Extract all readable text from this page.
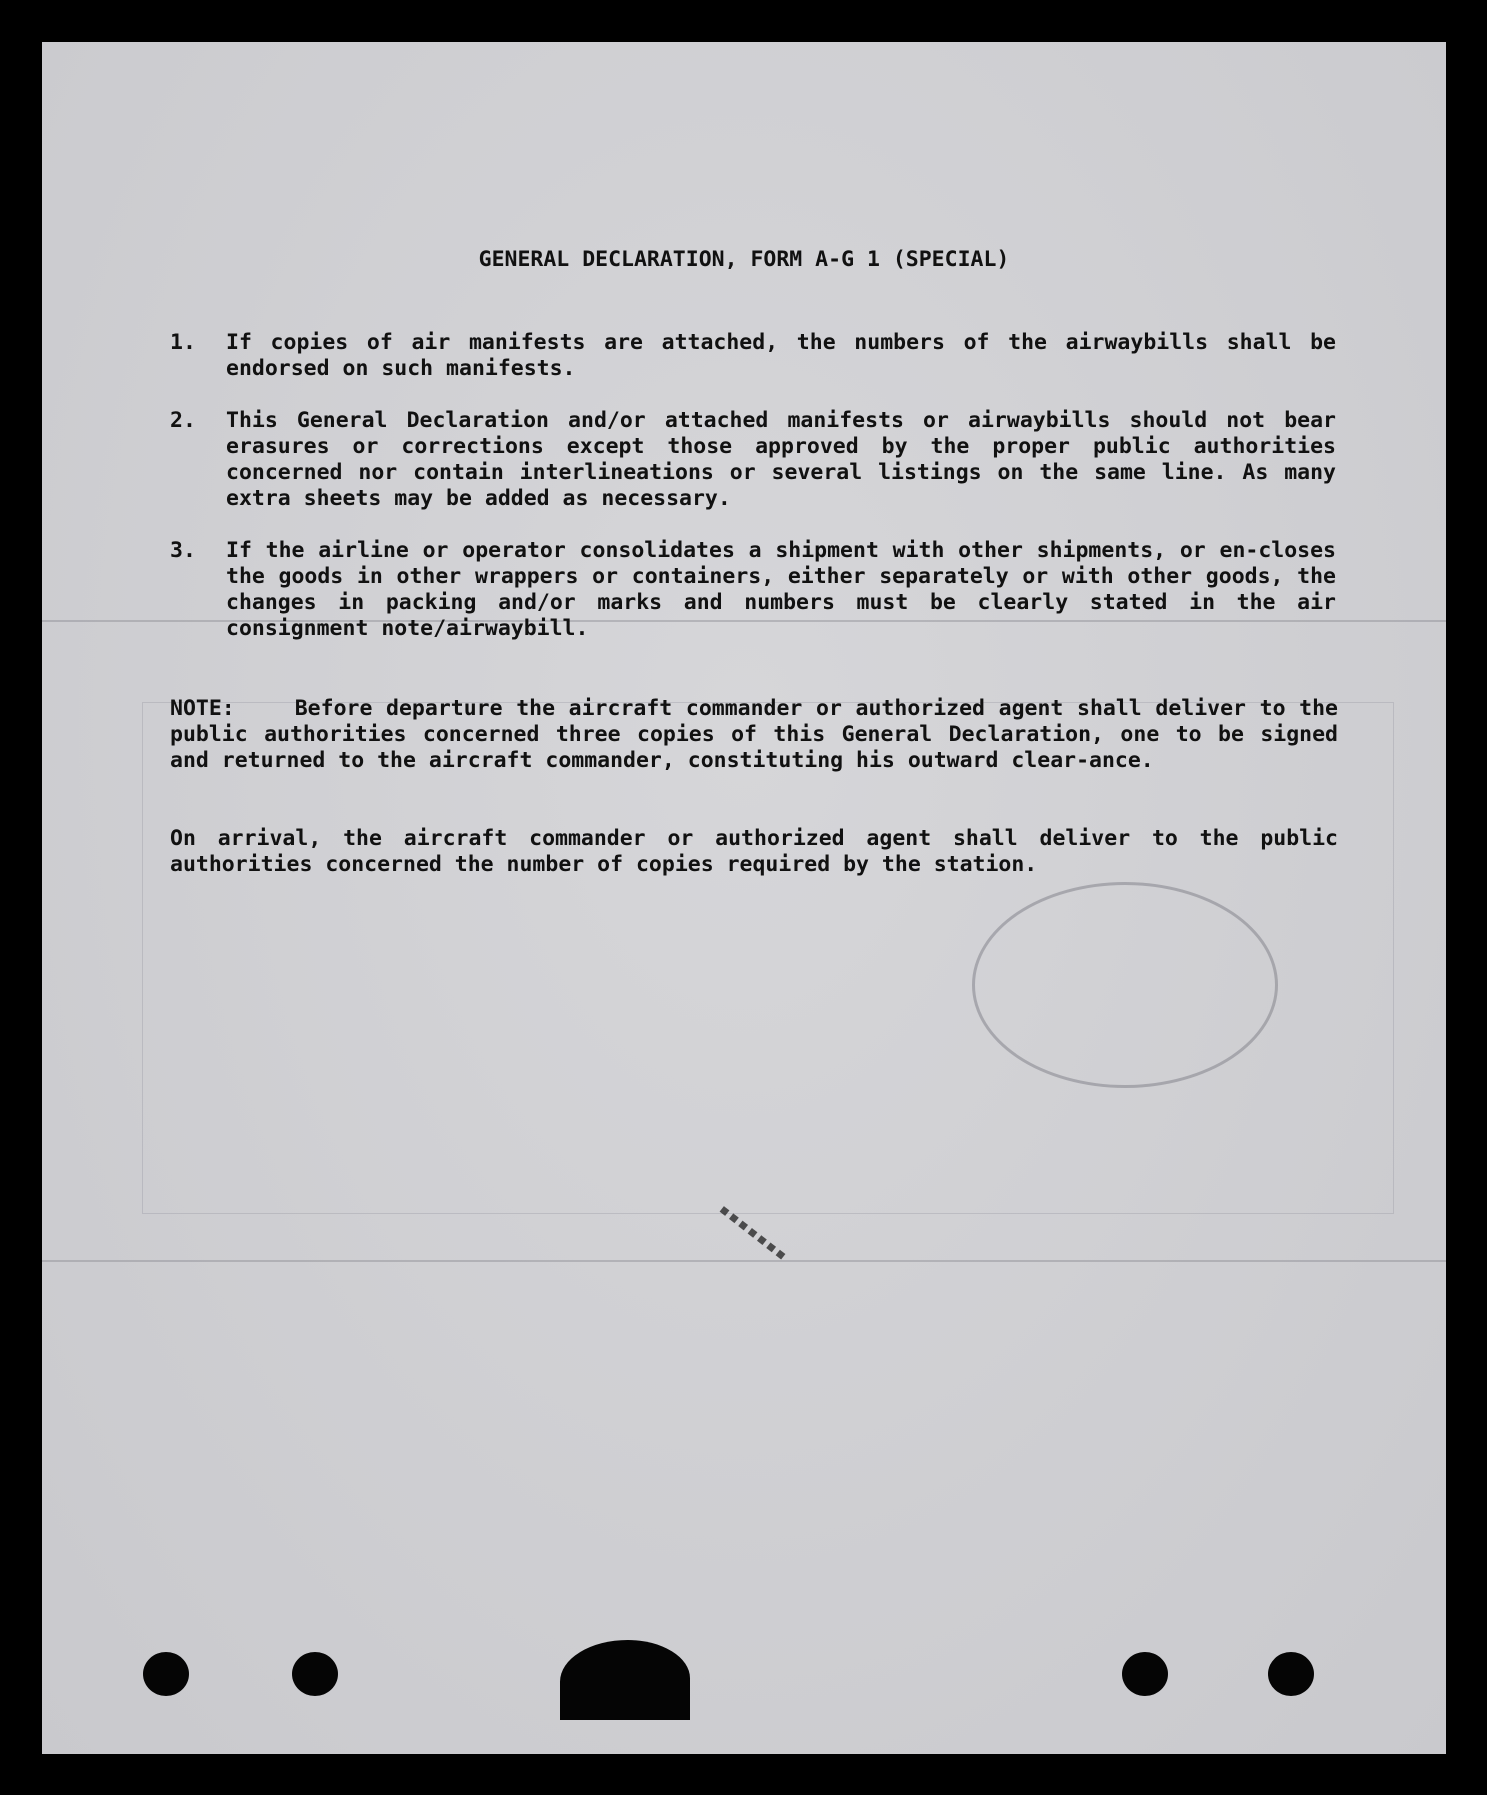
GENERAL DECLARATION, FORM A-G 1 (SPECIAL)
1. If copies of air manifests are attached, the numbers of the airwaybills shall be endorsed on such manifests.
2. This General Declaration and/or attached manifests or airwaybills should not bear erasures or corrections except those approved by the proper public authorities concerned nor contain interlineations or several listings on the same line. As many extra sheets may be added as necessary.
3. If the airline or operator consolidates a shipment with other shipments, or en-closes the goods in other wrappers or containers, either separately or with other goods, the changes in packing and/or marks and numbers must be clearly stated in the air consignment note/airwaybill.
NOTE:	Before departure the aircraft commander or authorized agent shall deliver to the public authorities concerned three copies of this General Declaration, one to be signed and returned to the aircraft commander, constituting his outward clear-ance.
On arrival, the aircraft commander or authorized agent shall deliver to the public authorities concerned the number of copies required by the station.
▪▪▪▪▪▪▪
